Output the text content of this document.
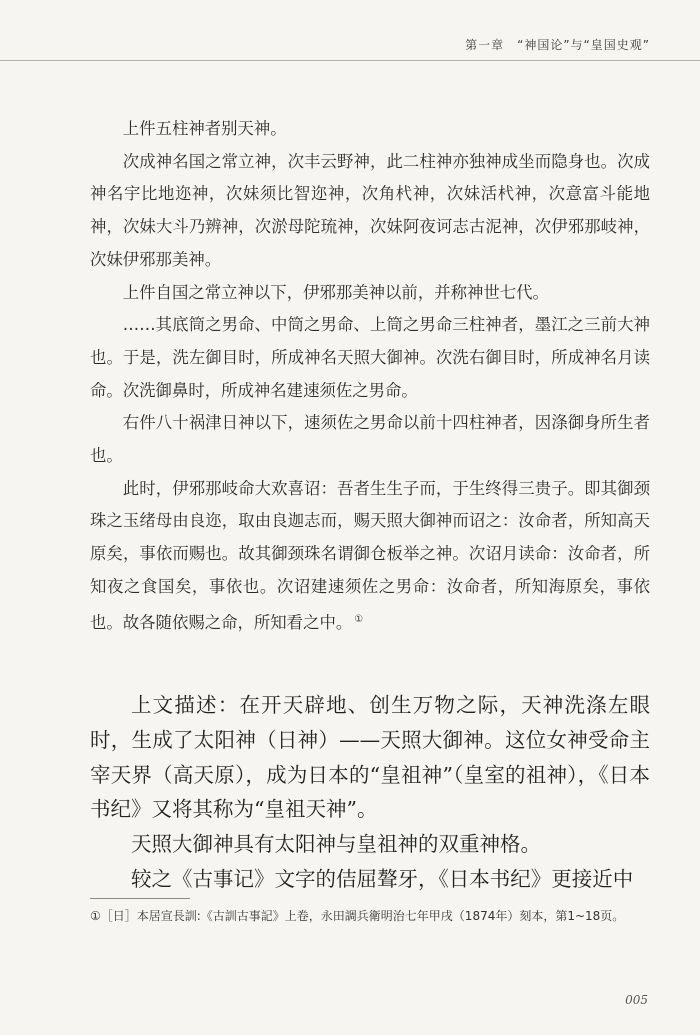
第一章　“神国论”与“皇国史观”

上件五柱神者别天神。

次成神名国之常立神，次丰云野神，此二柱神亦独神成坐而隐身也。次成神名宇比地迩神，次妹须比智迩神，次角杙神，次妹活杙神，次意富斗能地神，次妹大斗乃辨神，次淤母陀琉神，次妹阿夜诃志古泥神，次伊邪那岐神，次妹伊邪那美神。

上件自国之常立神以下，伊邪那美神以前，并称神世七代。

……其底筒之男命、中筒之男命、上筒之男命三柱神者，墨江之三前大神也。于是，洗左御目时，所成神名天照大御神。次洗右御目时，所成神名月读命。次洗御鼻时，所成神名建速须佐之男命。

右件八十祸津日神以下，速须佐之男命以前十四柱神者，因涤御身所生者也。

此时，伊邪那岐命大欢喜诏：吾者生生子而，于生终得三贵子。即其御颈珠之玉绪母由良迩，取由良迦志而，赐天照大御神而诏之：汝命者，所知高天原矣，事依而赐也。故其御颈珠名谓御仓板举之神。次诏月读命：汝命者，所知夜之食国矣，事依也。次诏建速须佐之男命：汝命者，所知海原矣，事依也。故各随依赐之命，所知看之中。 ①

上文描述：在开天辟地、创生万物之际，天神洗涤左眼时，生成了太阳神（日神）——天照大御神。这位女神受命主宰天界（高天原），成为日本的“皇祖神”（皇室的祖神），《日本书纪》又将其称为“皇祖天神”。

天照大御神具有太阳神与皇祖神的双重神格。

较之《古事记》文字的佶屈聱牙，《日本书纪》更接近中

①［日］本居宣長訓:《古訓古事記》上卷，永田調兵衛明治七年甲戌（1874年）刻本，第1~18页。
005
